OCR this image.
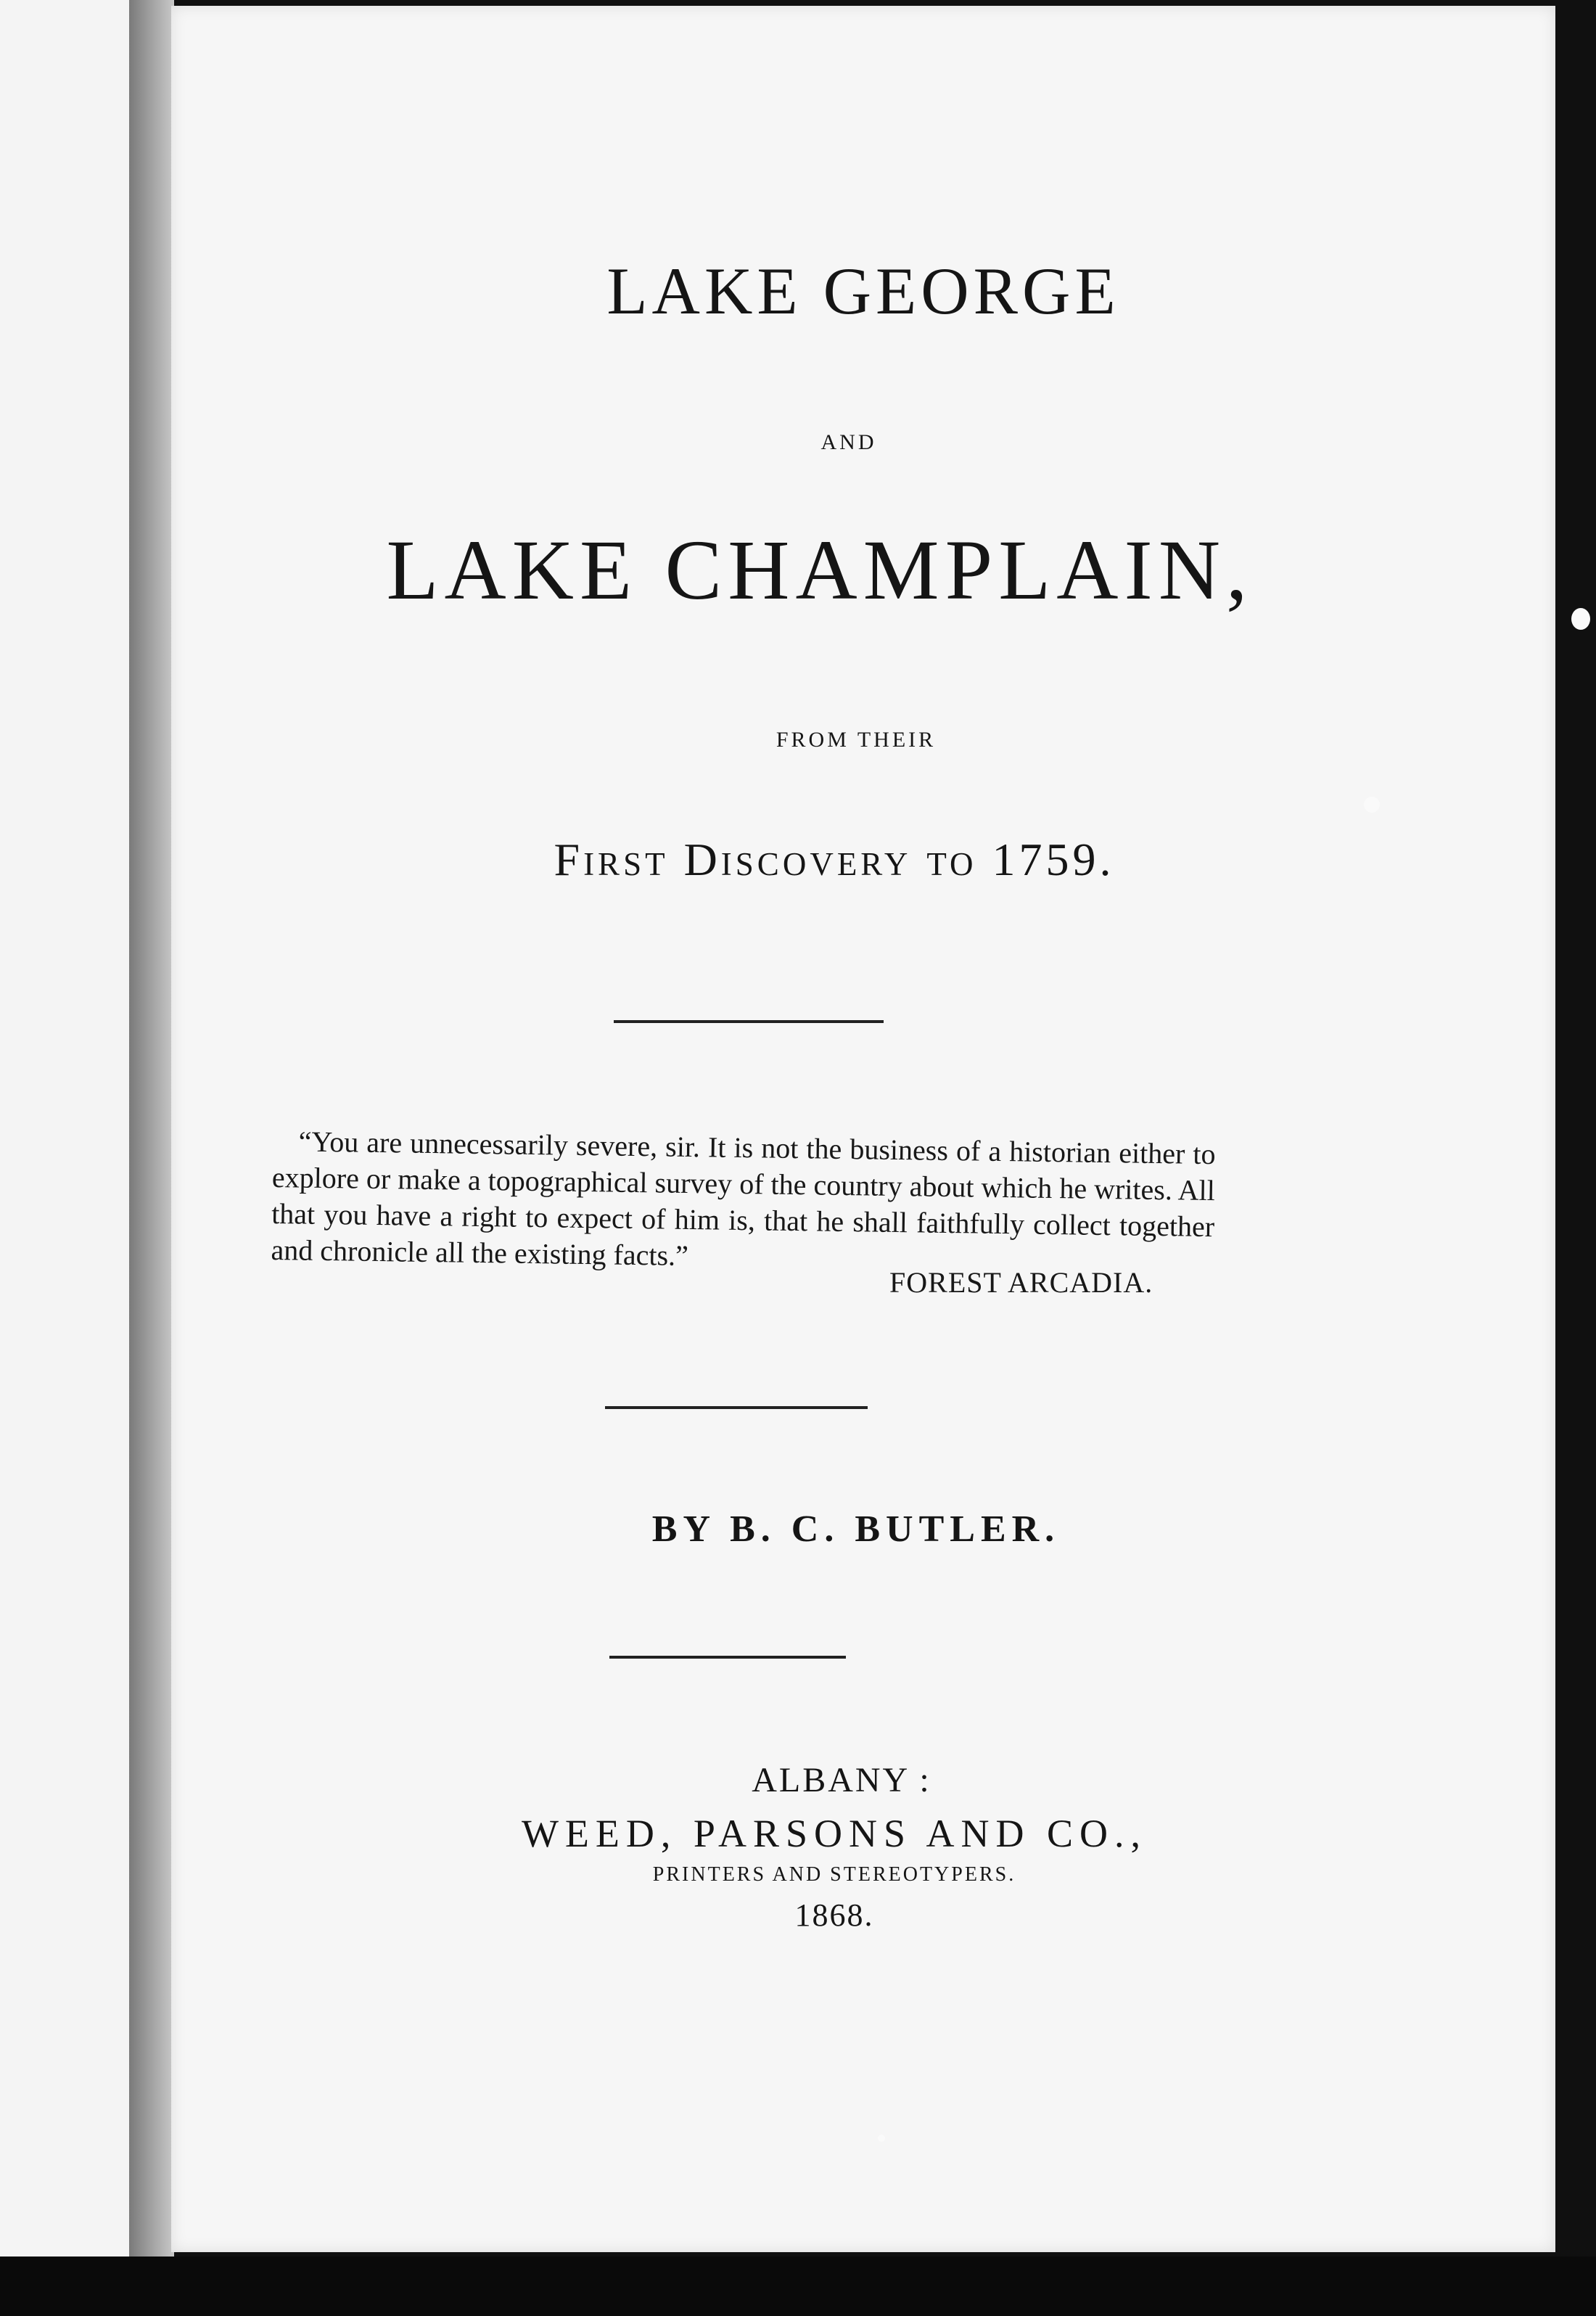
LAKE GEORGE
AND
LAKE CHAMPLAIN,
FROM THEIR
First Discovery to 1759.
“You are unnecessarily severe, sir. It is not the business of a historian either to explore or make a topographical survey of the country about which he writes. All that you have a right to expect of him is, that he shall faithfully collect together and chronicle all the existing facts.”
FOREST ARCADIA.
BY B. C. BUTLER.
ALBANY :
WEED, PARSONS AND CO.,
PRINTERS AND STEREOTYPERS.
1868.
